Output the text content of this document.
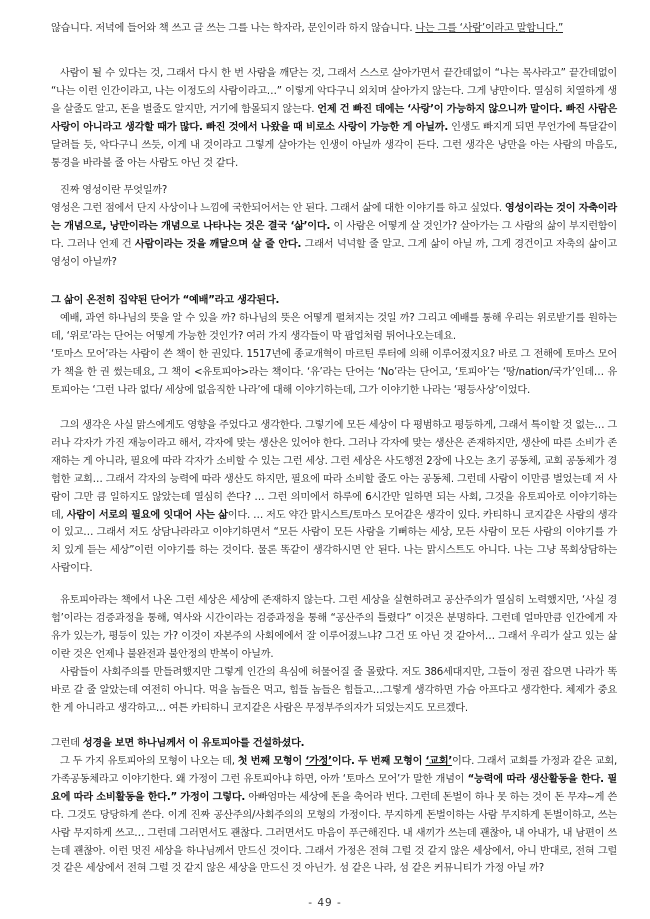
않습니다. 저녁에 들어와 책 쓰고 글 쓰는 그를 나는 학자라, 문인이라 하지 않습니다. 나는 그를 ‘사람’이라고 말합니다.”

사람이 될 수 있다는 것, 그래서 다시 한 번 사람을 깨닫는 것, 그래서 스스로 살아가면서 끝간데없이 “나는 목사라고” 끝간데없이 “나는 이런 인간이라고, 나는 이정도의 사람이라고…” 이렇게 악다구니 외치며 살아가지 않는다. 그게 냥만이다. 열심히 치열하게 생을 살줄도 알고, 돈을 벌줄도 알지만, 거기에 함몰되지 않는다. 언제 건 빠진 데에는 ‘사랑’이 가능하지 않으니까 말이다. 빠진 사람은 사랑이 아니라고 생각할 때가 많다. 빠진 것에서 나왔을 때 비로소 사랑이 가능한 게 아닐까. 인생도 빠지게 되면 무언가에 특달같이 달려들 듯, 악다구니 쓰듯, 이게 내 것이라고 그렇게 살아가는 인생이 아닐까 생각이 든다. 그런 생각은 낭만을 아는 사람의 마음도, 통경을 바라볼 줄 아는 사람도 아닌 것 같다.

진짜 영성이란 무엇일까?

영성은 그런 점에서 단지 사상이나 느낌에 국한되어서는 안 된다. 그래서 삶에 대한 이야기를 하고 싶었다. 영성이라는 것이 자축이라는 개념으로, 낭만이라는 개념으로 나타나는 것은 결국 ‘삶’이다. 이 사람은 어떻게 살 것인가? 살아가는 그 사람의 삶이 부지런함이다. 그러나 언제 건 사람이라는 것을 깨달으며 살 줄 안다. 그래서 넉넉할 줄 알고. 그게 삶이 아닐 까, 그게 경건이고 자축의 삶이고 영성이 아닐까?

그 삶이 온전히 집약된 단어가 “예배”라고 생각된다.

예배, 과연 하나님의 뜻을 알 수 있을 까? 하나님의 뜻은 어떻게 펼쳐지는 것일 까? 그리고 예배를 통해 우리는 위로받기를 원하는데, ‘위로’라는 단어는 어떻게 가능한 것인가? 여러 가지 생각들이 막 팝업처럼 튀어나오는데요.

‘토마스 모어’라는 사람이 쓴 책이 한 권있다. 1517년에 종교개혁이 마르틴 루터에 의해 이루어졌지요? 바로 그 전해에 토마스 모어가 책을 한 권 썼는데요, 그 책이 <유토피아>라는 책이다. ‘유’라는 단어는 ‘No’라는 단어고, ‘토피아’는 ‘땅/nation/국가’인데… 유토피아는 ‘그런 나라 없다/ 세상에 없음직한 나라’에 대해 이야기하는데, 그가 이야기한 나라는 ‘평등사상’이었다.

그의 생각은 사실 맑스에게도 영향을 주었다고 생각한다. 그렇기에 모든 세상이 다 평범하고 평등하게, 그래서 특이할 것 없는… 그러나 각자가 가진 재능이라고 해서, 각자에 맞는 생산은 있어야 한다. 그러나 각자에 맞는 생산은 존재하지만, 생산에 따른 소비가 존재하는 게 아니라, 필요에 따라 각자가 소비할 수 있는 그런 세상. 그런 세상은 사도행전 2장에 나오는 초기 공동체, 교회 공동체가 경험한 교회… 그래서 각자의 능력에 따라 생산도 하지만, 필요에 따라 소비할 줄도 아는 공동체. 그런데 사람이 이만큼 벌었는데 저 사람이 그만 큼 일하지도 않았는데 열심히 쓴다? … 그런 의미에서 하루에 6시간만 일하면 되는 사회, 그것을 유토피아로 이야기하는데, 사람이 서로의 필요에 잇대어 사는 삶이다. … 저도 약간 맑시스트/토마스 모어같은 생각이 있다. 카티하니 코지같은 사람의 생각이 있고… 그래서 저도 상담나라라고 이야기하면서 “모든 사람이 모든 사람을 기뻐하는 세상, 모든 사람이 모든 사람의 이야기를 가치 있게 듣는 세상”이런 이야기를 하는 것이다. 물론 똑같이 생각하시면 안 된다. 나는 맑시스트도 아니다. 나는 그냥 목회상담하는 사람이다.

유토피아라는 책에서 나온 그런 세상은 세상에 존재하지 않는다. 그런 세상을 실현하려고 공산주의가 열심히 노력했지만, ‘사실 경험’이라는 검증과정을 통해, 역사와 시간이라는 검증과정을 통해 “공산주의 틀렸다” 이것은 분명하다. 그런데 얼마만큼 인간에게 자유가 있는가, 평등이 있는 가? 이것이 자본주의 사회에에서 잘 이루어졌느냐? 그건 또 아닌 것 같아서… 그래서 우리가 살고 있는 삶이란 것은 언제나 불완전과 불안정의 반복이 아닐까.

사람들이 사회주의를 만들려했지만 그렇게 인간의 욕심에 허물어질 줄 몰랐다. 저도 386세대지만, 그들이 정권 잡으면 나라가 똑바로 갈 줄 알았는데 여전히 아니다. 먹을 놈들은 먹고, 힘들 놈들은 힘들고…그렇게 생각하면 가슴 아프다고 생각한다. 체제가 중요한 게 아니라고 생각하고… 여튼 카티하니 코지같은 사람은 무정부주의자가 되었는지도 모르겠다.

그런데 성경을 보면 하나님께서 이 유토피아를 건설하셨다.

그 두 가지 유토피아의 모형이 나오는 데, 첫 번째 모형이 ‘가정’이다. 두 번째 모형이 ‘교회’이다. 그래서 교회를 가정과 같은 교회, 가족공동체라고 이야기한다. 왜 가정이 그런 유토피아냐 하면, 아까 ‘토마스 모어’가 말한 개념이 “능력에 따라 생산활동을 한다. 필요에 따라 소비활동을 한다.” 가정이 그렇다. 아빠엄마는 세상에 돈을 축어라 번다. 그런데 돈벌이 하나 못 하는 것이 돈 무쟈~게 쓴다. 그것도 당당하게 쓴다. 이게 진짜 공산주의/사회주의의 모형의 가정이다. 무지하게 돈벌이하는 사람 무지하게 돈벌이하고, 쓰는 사람 무지하게 쓰고… 그런데 그러면서도 괜찮다. 그러면서도 마음이 푸근해진다. 내 새끼가 쓰는데 괜찮아, 내 아내가, 내 남편이 쓰는데 괜찮아. 이런 멋진 세상을 하나님께서 만드신 것이다. 그래서 가정은 전혀 그럴 것 같지 않은 세상에서, 아니 반대로, 전혀 그럴 것 같은 세상에서 전혀 그럴 것 같지 않은 세상을 만드신 것 아닌가. 섬 같은 나라, 섬 같은 커뮤니티가 가정 아닐 까?

- 49 -
